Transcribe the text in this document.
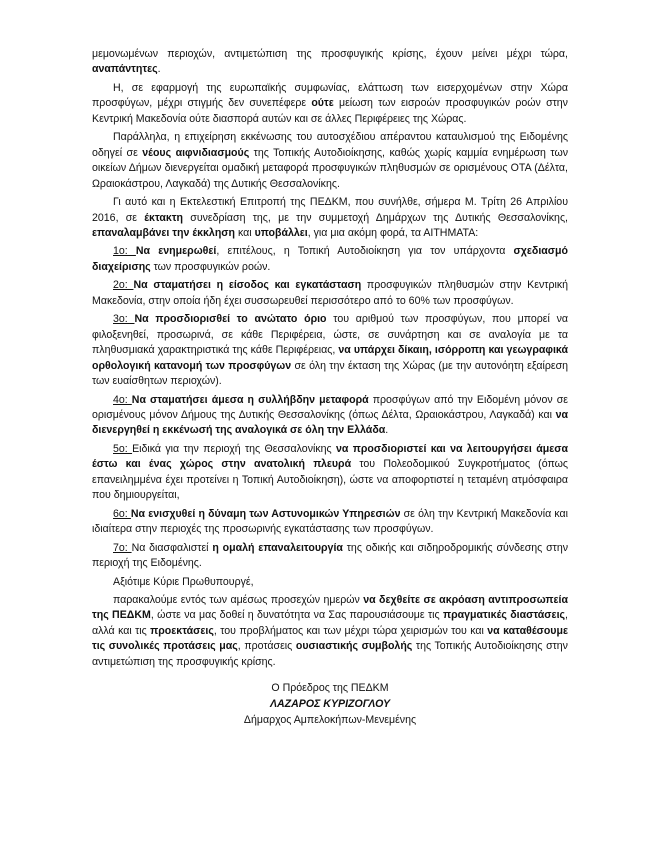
μεμονωμένων περιοχών, αντιμετώπιση της προσφυγικής κρίσης, έχουν μείνει μέχρι τώρα, αναπάντητες.

Η, σε εφαρμογή της ευρωπαϊκής συμφωνίας, ελάττωση των εισερχομένων στην Χώρα προσφύγων, μέχρι στιγμής δεν συνεπέφερε ούτε μείωση των εισροών προσφυγικών ροών στην Κεντρική Μακεδονία ούτε διασπορά αυτών και σε άλλες Περιφέρειες της Χώρας.

Παράλληλα, η επιχείρηση εκκένωσης του αυτοσχέδιου απέραντου καταυλισμού της Ειδομένης οδηγεί σε νέους αιφνιδιασμούς της Τοπικής Αυτοδιοίκησης, καθώς χωρίς καμμία ενημέρωση των οικείων Δήμων διενεργείται ομαδική μεταφορά προσφυγικών πληθυσμών σε ορισμένους ΟΤΑ (Δέλτα, Ωραιοκάστρου, Λαγκαδά) της Δυτικής Θεσσαλονίκης.

Γι αυτό και η Εκτελεστική Επιτροπή της ΠΕΔΚΜ, που συνήλθε, σήμερα Μ. Τρίτη 26 Απριλίου 2016, σε έκτακτη συνεδρίαση της, με την συμμετοχή Δημάρχων της Δυτικής Θεσσαλονίκης, επαναλαμβάνει την έκκληση και υποβάλλει, για μια ακόμη φορά, τα ΑΙΤΗΜΑΤΑ:

1ο: Να ενημερωθεί, επιτέλους, η Τοπική Αυτοδιοίκηση για τον υπάρχοντα σχεδιασμό διαχείρισης των προσφυγικών ροών.

2ο: Να σταματήσει η είσοδος και εγκατάσταση προσφυγικών πληθυσμών στην Κεντρική Μακεδονία, στην οποία ήδη έχει συσσωρευθεί περισσότερο από το 60% των προσφύγων.

3ο: Να προσδιορισθεί το ανώτατο όριο του αριθμού των προσφύγων, που μπορεί να φιλοξενηθεί, προσωρινά, σε κάθε Περιφέρεια, ώστε, σε συνάρτηση και σε αναλογία με τα πληθυσμιακά χαρακτηριστικά της κάθε Περιφέρειας, να υπάρχει δίκαιη, ισόρροπη και γεωγραφικά ορθολογική κατανομή των προσφύγων σε όλη την έκταση της Χώρας (με την αυτονόητη εξαίρεση των ευαίσθητων περιοχών).

4ο: Να σταματήσει άμεσα η συλλήβδην μεταφορά προσφύγων από την Ειδομένη μόνον σε ορισμένους μόνον Δήμους της Δυτικής Θεσσαλονίκης (όπως Δέλτα, Ωραιοκάστρου, Λαγκαδά) και να διενεργηθεί η εκκένωσή της αναλογικά σε όλη την Ελλάδα.

5ο: Ειδικά για την περιοχή της Θεσσαλονίκης να προσδιοριστεί και να λειτουργήσει άμεσα έστω και ένας χώρος στην ανατολική πλευρά του Πολεοδομικού Συγκροτήματος (όπως επανειλημμένα έχει προτείνει η Τοπική Αυτοδιοίκηση), ώστε να αποφορτιστεί η τεταμένη ατμόσφαιρα που δημιουργείται,

6ο: Να ενισχυθεί η δύναμη των Αστυνομικών Υπηρεσιών σε όλη την Κεντρική Μακεδονία και ιδιαίτερα στην περιοχές της προσωρινής εγκατάστασης των προσφύγων.

7ο: Να διασφαλιστεί η ομαλή επαναλειτουργία της οδικής και σιδηροδρομικής σύνδεσης στην περιοχή της Ειδομένης.

Αξιότιμε Κύριε Πρωθυπουργέ,

παρακαλούμε εντός των αμέσως προσεχών ημερών να δεχθείτε σε ακρόαση αντιπροσωπεία της ΠΕΔΚΜ, ώστε να μας δοθεί η δυνατότητα να Σας παρουσιάσουμε τις πραγματικές διαστάσεις, αλλά και τις προεκτάσεις, του προβλήματος και των μέχρι τώρα χειρισμών του και να καταθέσουμε τις συνολικές προτάσεις μας, προτάσεις ουσιαστικής συμβολής της Τοπικής Αυτοδιοίκησης στην αντιμετώπιση της προσφυγικής κρίσης.

Ο Πρόεδρος της ΠΕΔΚΜ
ΛΑΖΑΡΟΣ ΚΥΡΙΖΟΓΛΟΥ
Δήμαρχος Αμπελοκήπων-Μενεμένης
